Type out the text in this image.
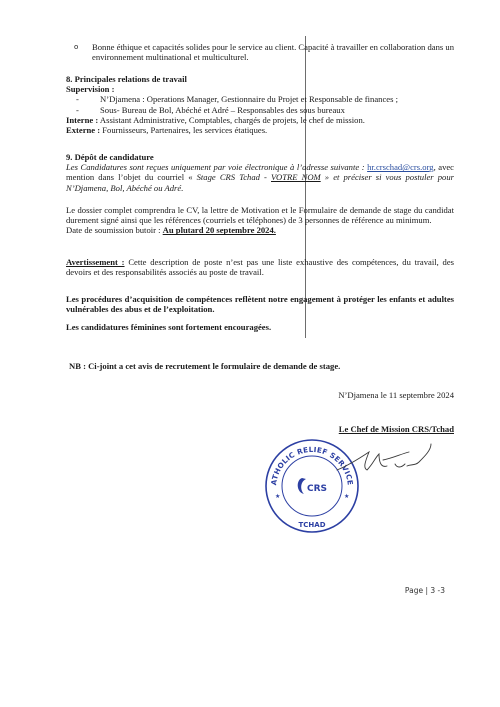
o Bonne éthique et capacités solides pour le service au client. Capacité à travailler en collaboration dans un environnement multinational et multiculturel.

8. Principales relations de travail

Supervision :

- N’Djamena : Operations Manager, Gestionnaire du Projet et Responsable de finances ;

- Sous- Bureau de Bol, Abéché et Adré – Responsables des sous bureaux

Interne : Assistant Administrative, Comptables, chargés de projets, le chef de mission.

Externe : Fournisseurs, Partenaires, les services étatiques.

9. Dépôt de candidature

Les Candidatures sont reçues uniquement par voie électronique à l’adresse suivante : hr.crschad@crs.org, avec mention dans l’objet du courriel « Stage CRS Tchad - VOTRE NOM » et préciser si vous postuler pour N’Djamena, Bol, Abéché ou Adré.

Le dossier complet comprendra le CV, la lettre de Motivation et le Formulaire de demande de stage du candidat durement signé ainsi que les références (courriels et téléphones) de 3 personnes de référence au minimum.

Date de soumission butoir : Au plutard 20 septembre 2024.

Avertissement : Cette description de poste n’est pas une liste exhaustive des compétences, du travail, des devoirs et des responsabilités associés au poste de travail.

Les procédures d’acquisition de compétences reflètent notre engagement à protéger les enfants et adultes vulnérables des abus et de l’exploitation.

Les candidatures féminines sont fortement encouragées.

NB : Ci-joint a cet avis de recrutement le formulaire de demande de stage.

N’Djamena le 11 septembre 2024

Le Chef de Mission CRS/Tchad

ATHOLIC RELIEF SERVICE
TCHAD
CRS
★	★
Page | 3 -3
